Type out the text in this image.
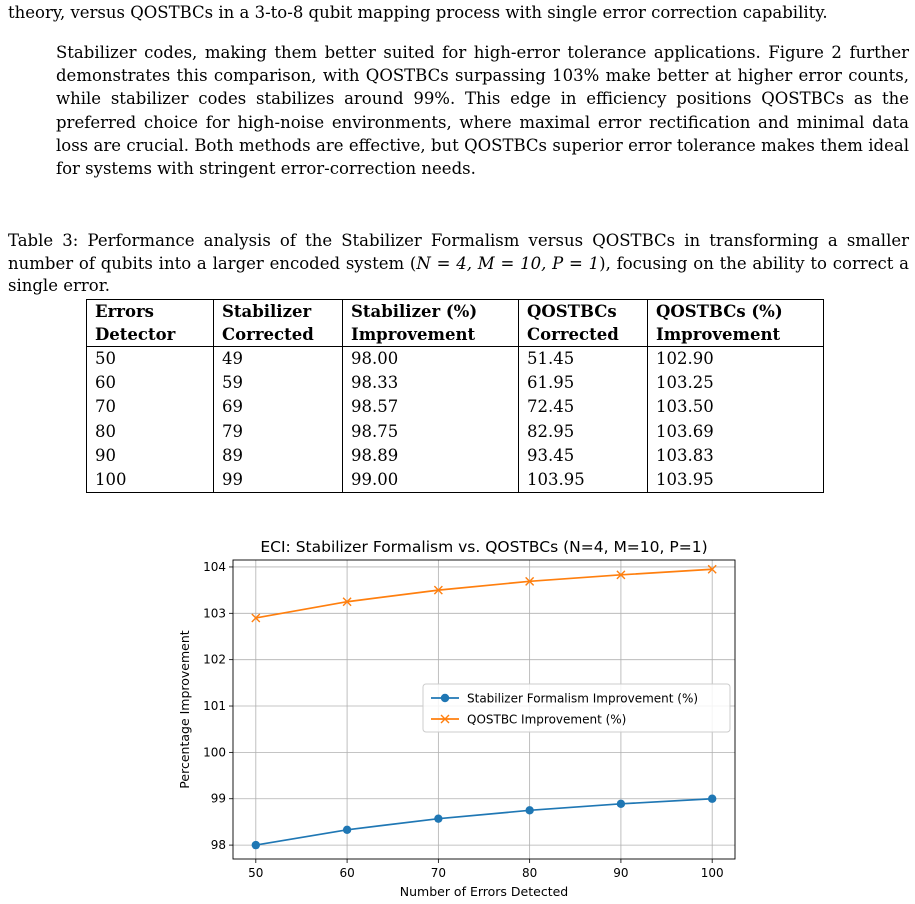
theory, versus QOSTBCs in a 3-to-8 qubit mapping process with single error correction capability.
Stabilizer codes, making them better suited for high-error tolerance applications. Figure 2 further demonstrates this comparison, with QOSTBCs surpassing 103% make better at higher error counts, while stabilizer codes stabilizes around 99%. This edge in efficiency positions QOSTBCs as the preferred choice for high-noise environments, where maximal error rectification and minimal data loss are crucial. Both methods are effective, but QOSTBCs superior error tolerance makes them ideal for systems with stringent error-correction needs.
Table 3: Performance analysis of the Stabilizer Formalism versus QOSTBCs in transforming a smaller number of qubits into a larger encoded system (N = 4, M = 10, P = 1), focusing on the ability to correct a single error.
Errors	Stabilizer	Stabilizer (%)	QOSTBCs	QOSTBCs (%)
Detector	Corrected	Improvement	Corrected	Improvement
50	49	98.00	51.45	102.90
60	59	98.33	61.95	103.25
70	69	98.57	72.45	103.50
80	79	98.75	82.95	103.69
90	89	98.89	93.45	103.83
100	99	99.00	103.95	103.95
ECI: Stabilizer Formalism vs. QOSTBCs (N=4, M=10, P=1)
50	60	70	80	90	100
98
99
100
101
102
103
104
Stabilizer Formalism Improvement (%)
QOSTBC Improvement (%)
Number of Errors Detected
Percentage Improvement
